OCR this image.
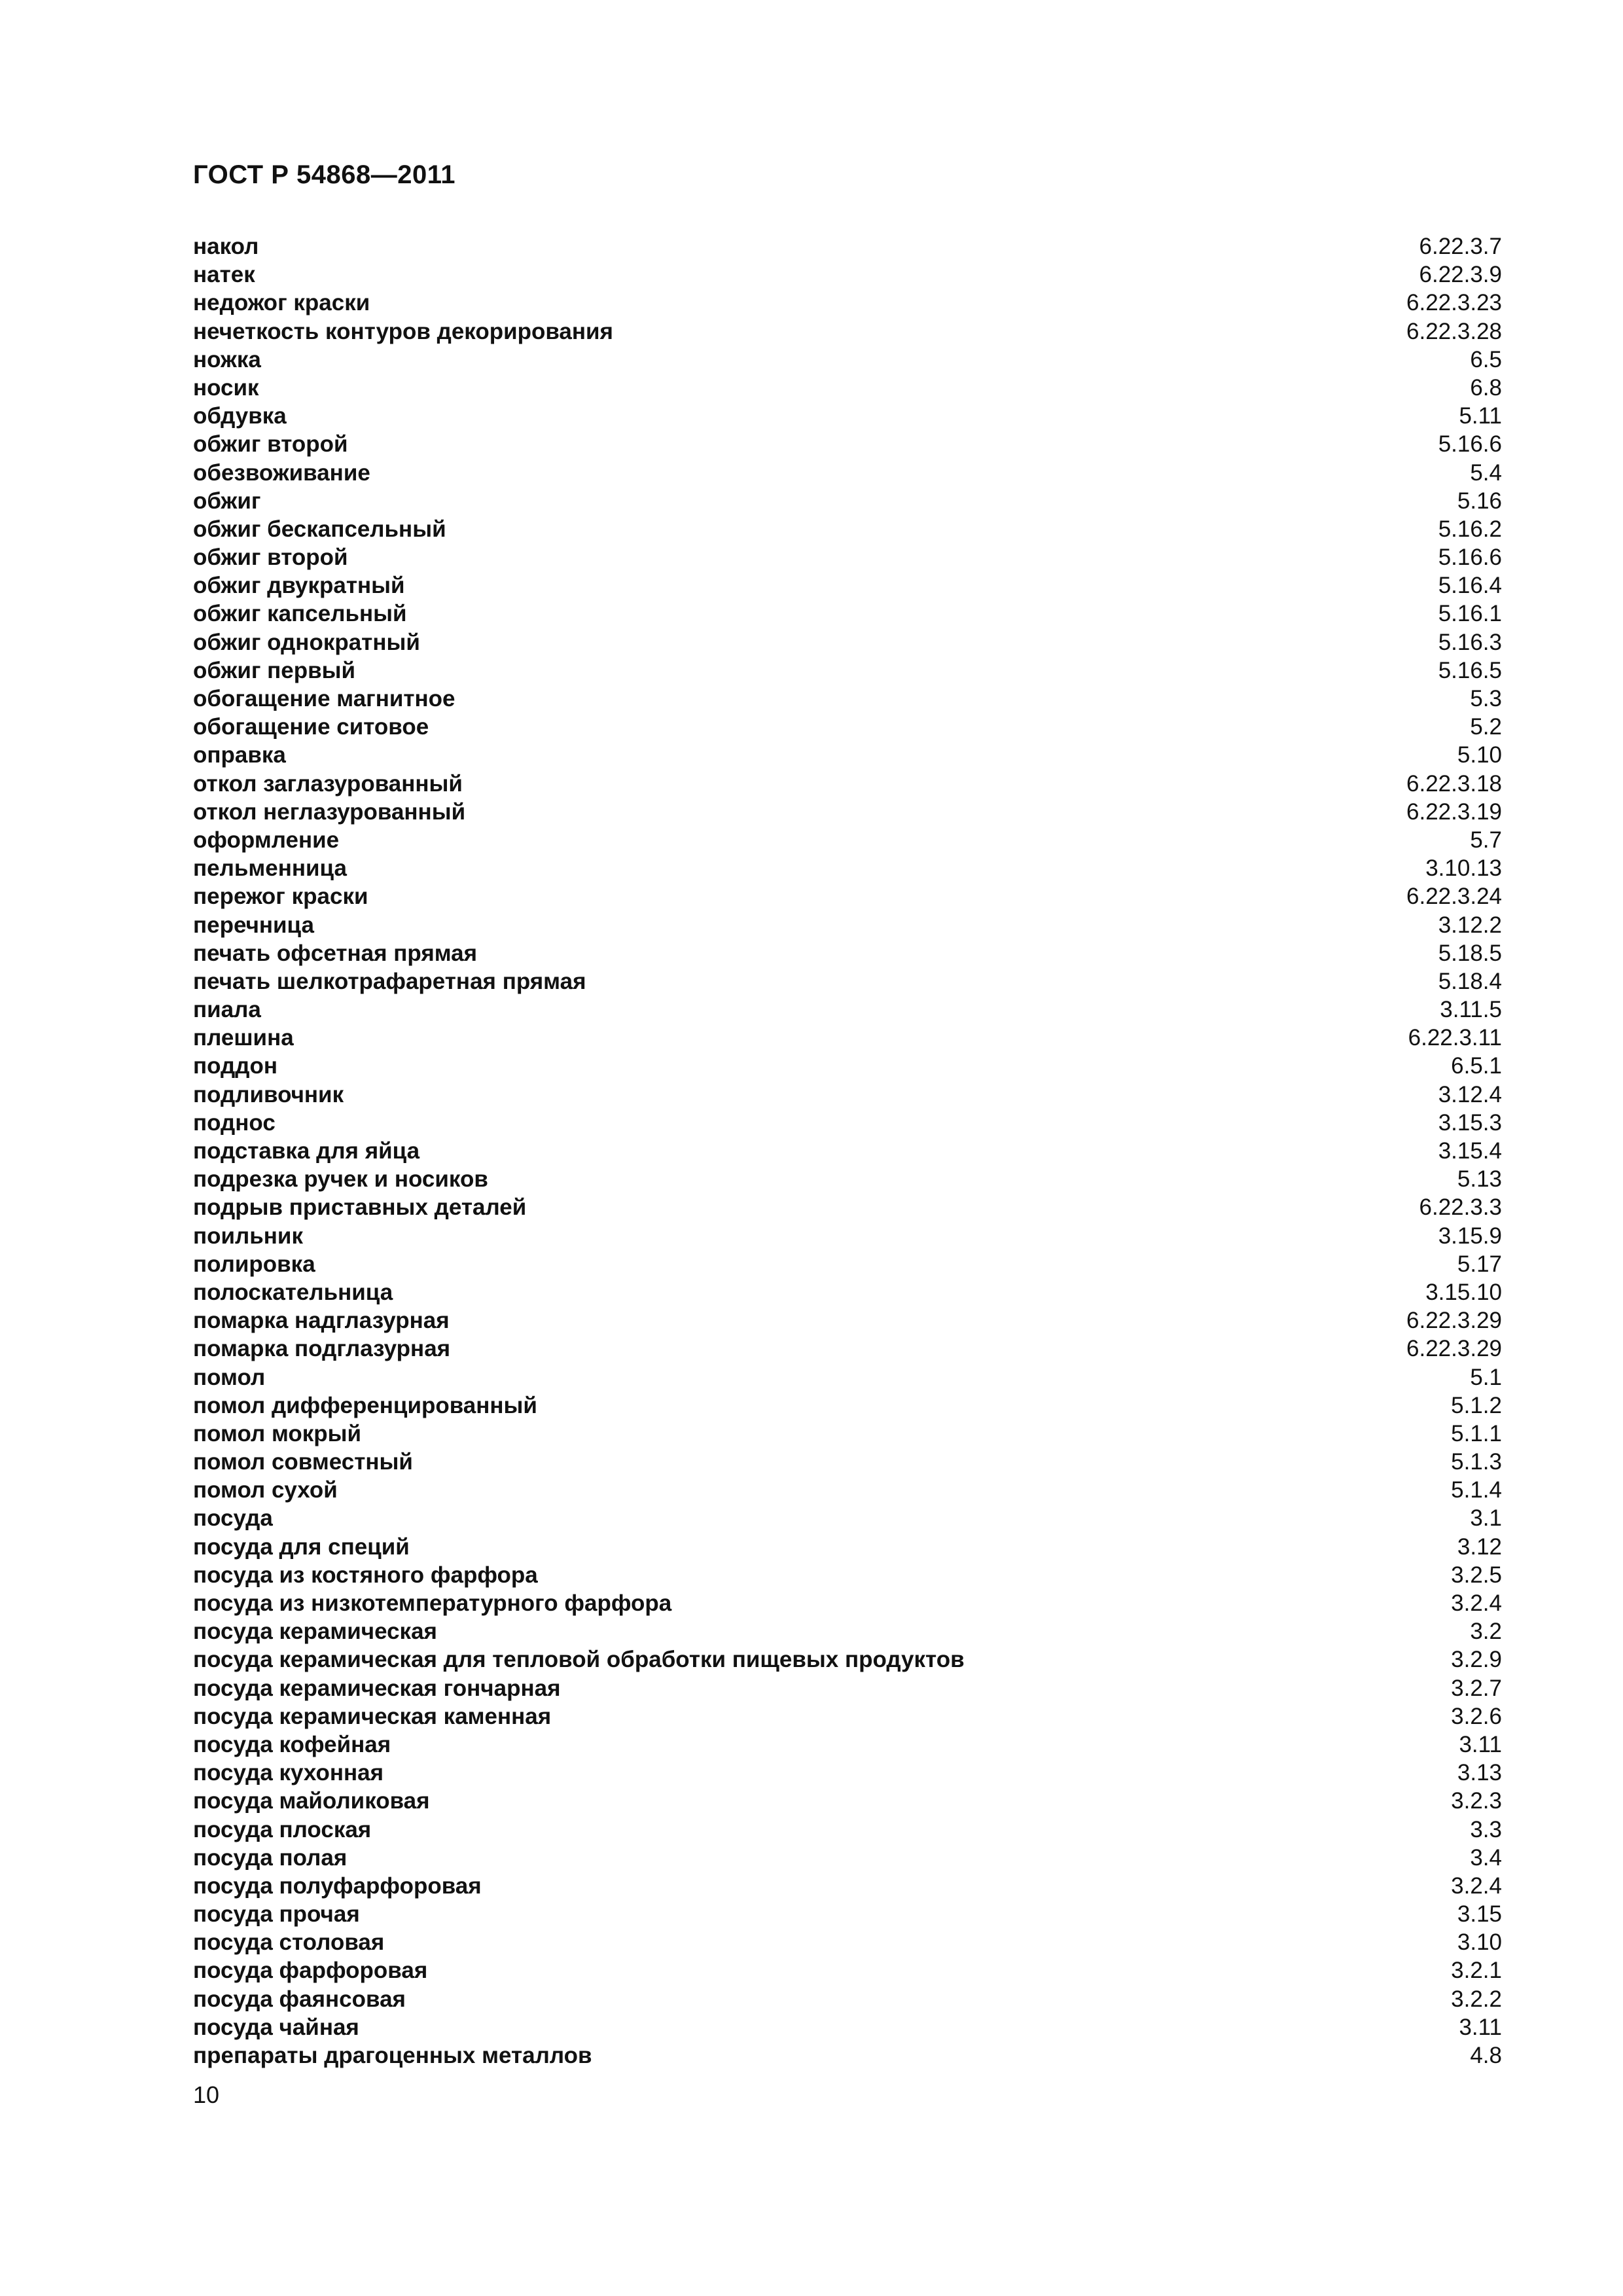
ГОСТ Р 54868—2011
накол	6.22.3.7
натек	6.22.3.9
недожог краски	6.22.3.23
нечеткость контуров декорирования	6.22.3.28
ножка	6.5
носик	6.8
обдувка	5.11
обжиг второй	5.16.6
обезвоживание	5.4
обжиг	5.16
обжиг бескапсельный	5.16.2
обжиг второй	5.16.6
обжиг двукратный	5.16.4
обжиг капсельный	5.16.1
обжиг однократный	5.16.3
обжиг первый	5.16.5
обогащение магнитное	5.3
обогащение ситовое	5.2
оправка	5.10
откол заглазурованный	6.22.3.18
откол неглазурованный	6.22.3.19
оформление	5.7
пельменница	3.10.13
пережог краски	6.22.3.24
перечница	3.12.2
печать офсетная прямая	5.18.5
печать шелкотрафаретная прямая	5.18.4
пиала	3.11.5
плешина	6.22.3.11
поддон	6.5.1
подливочник	3.12.4
поднос	3.15.3
подставка для яйца	3.15.4
подрезка ручек и носиков	5.13
подрыв приставных деталей	6.22.3.3
поильник	3.15.9
полировка	5.17
полоскательница	3.15.10
помарка надглазурная	6.22.3.29
помарка подглазурная	6.22.3.29
помол	5.1
помол дифференцированный	5.1.2
помол мокрый	5.1.1
помол совместный	5.1.3
помол сухой	5.1.4
посуда	3.1
посуда для специй	3.12
посуда из костяного фарфора	3.2.5
посуда из низкотемпературного фарфора	3.2.4
посуда керамическая	3.2
посуда керамическая для тепловой обработки пищевых продуктов	3.2.9
посуда керамическая гончарная	3.2.7
посуда керамическая каменная	3.2.6
посуда кофейная	3.11
посуда кухонная	3.13
посуда майоликовая	3.2.3
посуда плоская	3.3
посуда полая	3.4
посуда полуфарфоровая	3.2.4
посуда прочая	3.15
посуда столовая	3.10
посуда фарфоровая	3.2.1
посуда фаянсовая	3.2.2
посуда чайная	3.11
препараты драгоценных металлов	4.8
10
